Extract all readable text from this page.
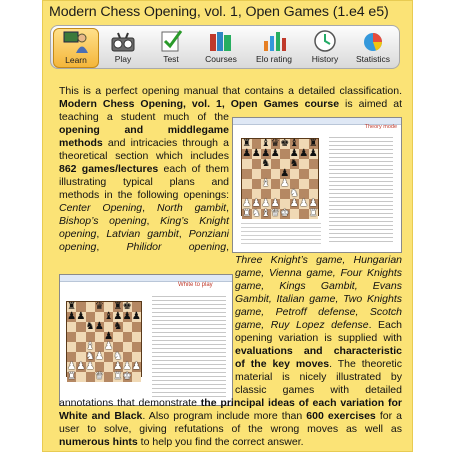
Modern Chess Opening, vol. 1, Open Games (1.e4 e5)
Learn	Play	Test	Courses	Elo rating	History	Statistics
This is a perfect opening manual that contains a detailed classification.
Modern Chess Opening, vol. 1, Open Games course is aimed at
teaching a student much of the
opening and middlegame
methods and intricacies through a
theoretical section which includes
862 games/lectures each of them
illustrating typical plans and
methods in the following openings:
Center Opening, North gambit,
Bishop’s opening, King’s Knight
opening, Latvian gambit, Ponziani
opening, Philidor	opening,
Theory mode
♜ ♝ ♛ ♚ ♝ ♜
♟ ♟ ♟ ♟ ♟ ♟ ♟
♞ ♞
♟
♝ ♟
♞
♟ ♟ ♟ ♟ ♟ ♟ ♟
♜ ♞ ♝ ♛ ♚ ♜
White to play
♜ ♛ ♜ ♚
♟ ♟ ♝ ♟ ♟ ♟
♞ ♟ ♞
♟
♝ ♟
♞ ♟ ♞
♟ ♟ ♟ ♟ ♟ ♟
♜ ♛ ♜ ♚
Three Knight’s game, Hungarian
game, Vienna game, Four Knights
game, Kings Gambit, Evans
Gambit, Italian game, Two Knights
game, Petroff defense, Scotch
game, Ruy Lopez defense. Each
opening variation is supplied with
evaluations and characteristic
of the key moves. The theoretic
material is nicely illustrated by
classic games with detailed
annotations that demonstrate the principal ideas of each variation for
White and Black. Also program include more than 600 exercises for a
user to solve, giving refutations of the wrong moves as well as
numerous hints to help you find the correct answer.
